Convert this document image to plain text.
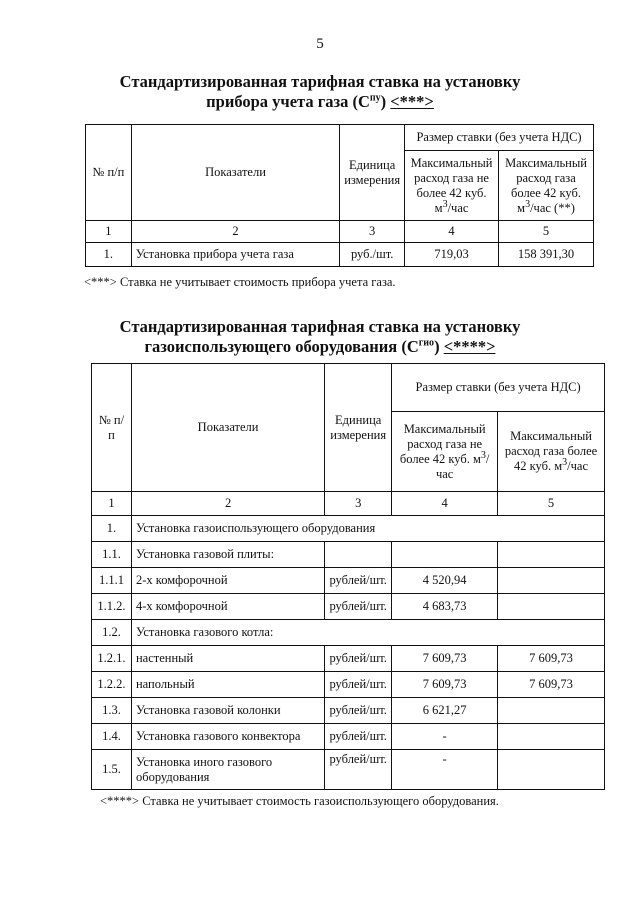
5
Стандартизированная тарифная ставка на установку
прибора учета газа $(С^{пу})$ <***>
№ п/п	Показатели	Единица измерения	Размер ставки (без учета НДС)	
			Максимальный расход газа не более 42 куб. $м^3$/час	Максимальный расход газа более 42 куб. $м^3$/час (**)
1	2	3	4	5
1.	Установка прибора учета газа	руб./шт.	719,03	158 391,30
<***> Ставка не учитывает стоимость прибора учета газа.
Стандартизированная тарифная ставка на установку
газоиспользующего оборудования $(С^{гио})$ <****>
№ п/п	Показатели	Единица измерения	Размер ставки (без учета НДС)	
			Максимальный расход газа не более 42 куб. $м^3$/час	Максимальный расход газа более 42 куб. $м^3$/час
1	2	3	4	5
1.	Установка газоиспользующего оборудования			
1.1.	Установка газовой плиты:			
1.1.1	2-х комфорочной	рублей/шт.	4 520,94	
1.1.2.	4-х комфорочной	рублей/шт.	4 683,73	
1.2.	Установка газового котла:			
1.2.1.	настенный	рублей/шт.	7 609,73	7 609,73
1.2.2.	напольный	рублей/шт.	7 609,73	7 609,73
1.3.	Установка газовой колонки	рублей/шт.	6 621,27	
1.4.	Установка газового конвектора	рублей/шт.	-	
1.5.	Установка иного газового оборудования	рублей/шт.	-	
<****> Ставка не учитывает стоимость газоиспользующего оборудования.
